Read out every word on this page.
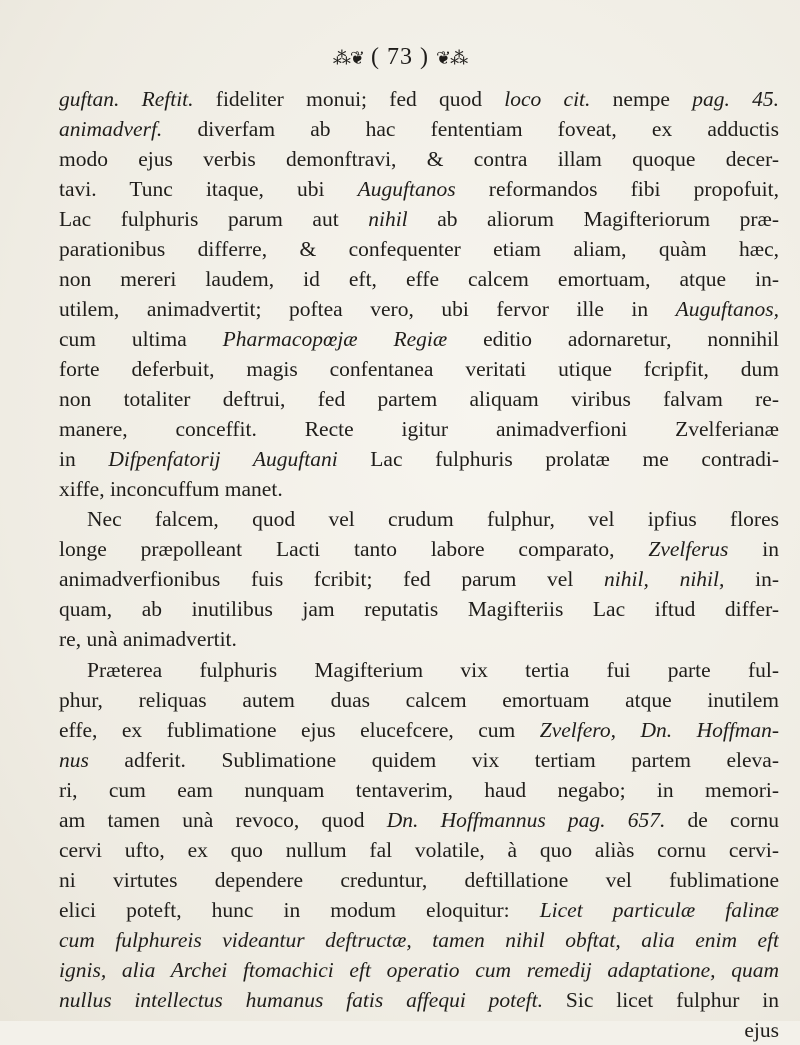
⁂❦ ( 73 ) ❦⁂
guftan. Reftit. fideliter monui; fed quod loco cit. nempe pag. 45.
animadverf. diverfam ab hac fententiam foveat, ex adductis
modo ejus verbis demonftravi, & contra illam quoque decer-
tavi. Tunc itaque, ubi Auguftanos reformandos fibi propofuit,
Lac fulphuris parum aut nihil ab aliorum Magifteriorum præ-
parationibus differre, & confequenter etiam aliam, quàm hæc,
non mereri laudem, id eft, effe calcem emortuam, atque in-
utilem, animadvertit; poftea vero, ubi fervor ille in Auguftanos,
cum ultima Pharmacopœjæ Regiæ editio adornaretur, nonnihil
forte deferbuit, magis confentanea veritati utique fcripfit, dum
non totaliter deftrui, fed partem aliquam viribus falvam re-
manere, conceffit. Recte igitur animadverfioni Zvelferianæ
in Difpenfatorij Auguftani Lac fulphuris prolatæ me contradi-
xiffe, inconcuffum manet.
Nec falcem, quod vel crudum fulphur, vel ipfius flores
longe præpolleant Lacti tanto labore comparato, Zvelferus in
animadverfionibus fuis fcribit; fed parum vel nihil, nihil, in-
quam, ab inutilibus jam reputatis Magifteriis Lac iftud differ-
re, unà animadvertit.
Præterea fulphuris Magifterium vix tertia fui parte ful-
phur, reliquas autem duas calcem emortuam atque inutilem
effe, ex fublimatione ejus elucefcere, cum Zvelfero, Dn. Hoffman-
nus adferit. Sublimatione quidem vix tertiam partem eleva-
ri, cum eam nunquam tentaverim, haud negabo; in memori-
am tamen unà revoco, quod Dn. Hoffmannus pag. 657. de cornu
cervi ufto, ex quo nullum fal volatile, à quo aliàs cornu cervi-
ni virtutes dependere creduntur, deftillatione vel fublimatione
elici poteft, hunc in modum eloquitur: Licet particulæ falinæ
cum fulphureis videantur deftructæ, tamen nihil obftat, alia enim eft
ignis, alia Archei ftomachici eft operatio cum remedij adaptatione, quam
nullus intellectus humanus fatis affequi poteft. Sic licet fulphur in
ejus
